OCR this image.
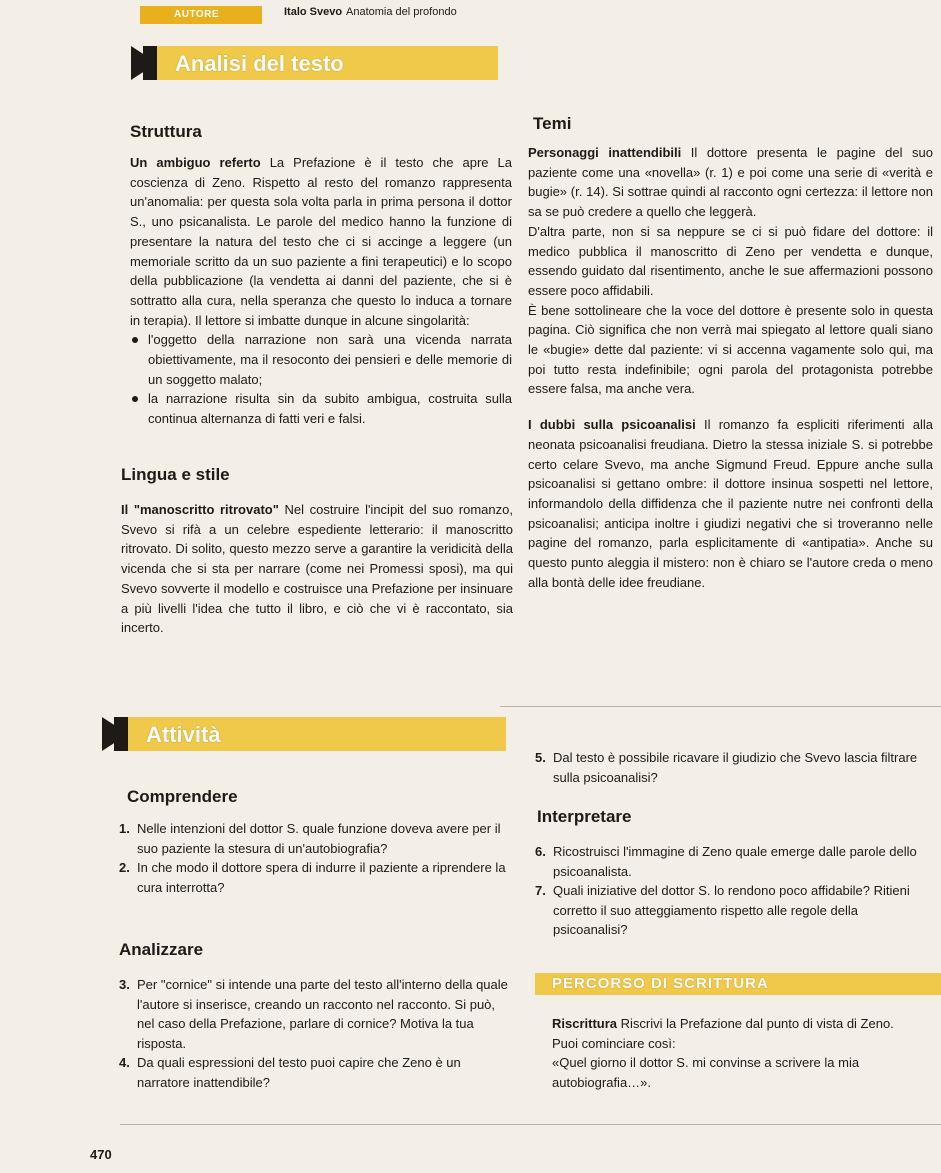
AUTORE	Italo Svevo Anatomia del profondo
Analisi del testo
Struttura
Un ambiguo referto La Prefazione è il testo che apre La coscienza di Zeno. Rispetto al resto del romanzo rappresenta un'anomalia: per questa sola volta parla in prima persona il dottor S., uno psicanalista. Le parole del medico hanno la funzione di presentare la natura del testo che ci si accinge a leggere (un memoriale scritto da un suo paziente a fini terapeutici) e lo scopo della pubblicazione (la vendetta ai danni del paziente, che si è sottratto alla cura, nella speranza che questo lo induca a tornare in terapia). Il lettore si imbatte dunque in alcune singolarità:
l'oggetto della narrazione non sarà una vicenda narrata obiettivamente, ma il resoconto dei pensieri e delle memorie di un soggetto malato;
la narrazione risulta sin da subito ambigua, costruita sulla continua alternanza di fatti veri e falsi.
Temi
Personaggi inattendibili Il dottore presenta le pagine del suo paziente come una «novella» (r. 1) e poi come una serie di «verità e bugie» (r. 14). Si sottrae quindi al racconto ogni certezza: il lettore non sa se può credere a quello che leggerà.
D'altra parte, non si sa neppure se ci si può fidare del dottore: il medico pubblica il manoscritto di Zeno per vendetta e dunque, essendo guidato dal risentimento, anche le sue affermazioni possono essere poco affidabili.
È bene sottolineare che la voce del dottore è presente solo in questa pagina. Ciò significa che non verrà mai spiegato al lettore quali siano le «bugie» dette dal paziente: vi si accenna vagamente solo qui, ma poi tutto resta indefinibile; ogni parola del protagonista potrebbe essere falsa, ma anche vera.
I dubbi sulla psicoanalisi Il romanzo fa espliciti riferimenti alla neonata psicoanalisi freudiana. Dietro la stessa iniziale S. si potrebbe certo celare Svevo, ma anche Sigmund Freud. Eppure anche sulla psicoanalisi si gettano ombre: il dottore insinua sospetti nel lettore, informandolo della diffidenza che il paziente nutre nei confronti della psicoanalisi; anticipa inoltre i giudizi negativi che si troveranno nelle pagine del romanzo, parla esplicitamente di «antipatia». Anche su questo punto aleggia il mistero: non è chiaro se l'autore creda o meno alla bontà delle idee freudiane.
Lingua e stile
Il "manoscritto ritrovato" Nel costruire l'incipit del suo romanzo, Svevo si rifà a un celebre espediente letterario: il manoscritto ritrovato. Di solito, questo mezzo serve a garantire la veridicità della vicenda che si sta per narrare (come nei Promessi sposi), ma qui Svevo sovverte il modello e costruisce una Prefazione per insinuare a più livelli l'idea che tutto il libro, e ciò che vi è raccontato, sia incerto.
Attività
Comprendere
1. Nelle intenzioni del dottor S. quale funzione doveva avere per il suo paziente la stesura di un'autobiografia?
2. In che modo il dottore spera di indurre il paziente a riprendere la cura interrotta?
Analizzare
3. Per "cornice" si intende una parte del testo all'interno della quale l'autore si inserisce, creando un racconto nel racconto. Si può, nel caso della Prefazione, parlare di cornice? Motiva la tua risposta.
4. Da quali espressioni del testo puoi capire che Zeno è un narratore inattendibile?
5. Dal testo è possibile ricavare il giudizio che Svevo lascia filtrare sulla psicoanalisi?
Interpretare
6. Ricostruisci l'immagine di Zeno quale emerge dalle parole dello psicoanalista.
7. Quali iniziative del dottor S. lo rendono poco affidabile? Ritieni corretto il suo atteggiamento rispetto alle regole della psicoanalisi?
PERCORSO DI SCRITTURA
Riscrittura Riscrivi la Prefazione dal punto di vista di Zeno. Puoi cominciare così:
«Quel giorno il dottor S. mi convinse a scrivere la mia autobiografia…».
470
